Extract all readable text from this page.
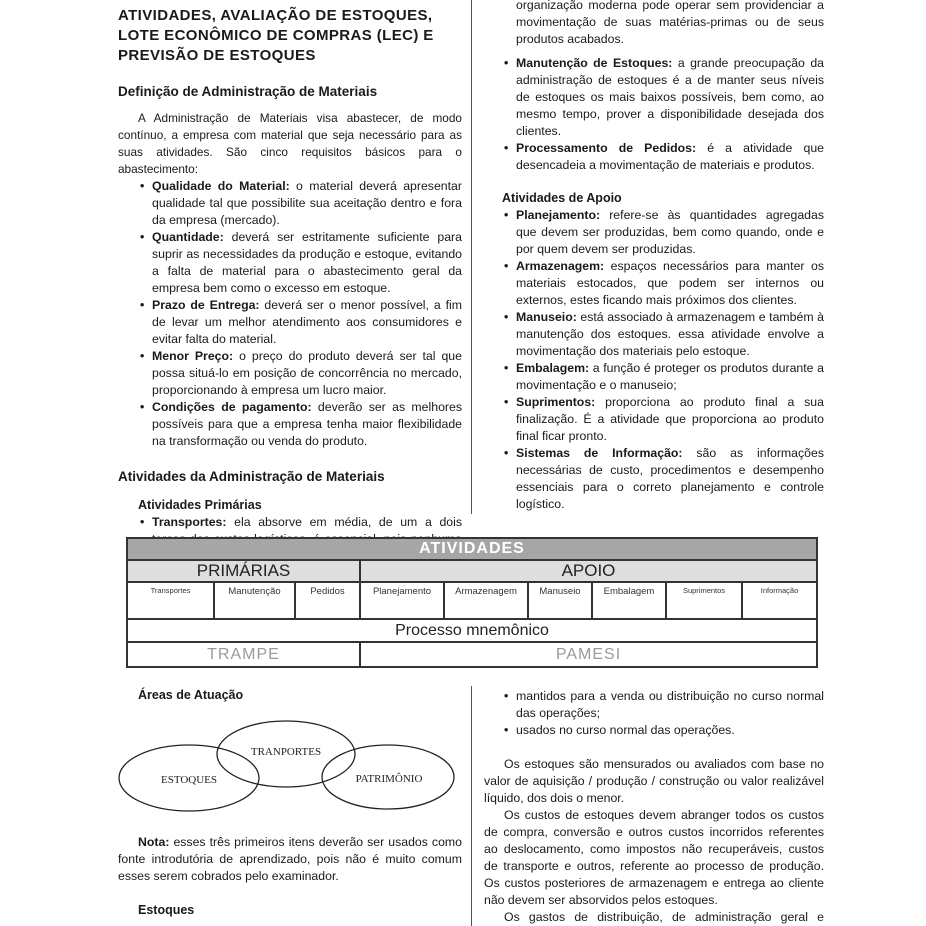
ATIVIDADES, AVALIAÇÃO DE ESTOQUES,
LOTE ECONÔMICO DE COMPRAS (LEC) E
PREVISÃO DE ESTOQUES
Definição de Administração de Materiais

A Administração de Materiais visa abastecer, de modo contínuo, a empresa com material que seja necessário para as suas atividades. São cinco requisitos básicos para o abastecimento:

• Qualidade do Material: o material deverá apresentar qualidade tal que possibilite sua aceitação dentro e fora da empresa (mercado).
• Quantidade: deverá ser estritamente suficiente para suprir as necessidades da produção e estoque, evitando a falta de material para o abastecimento geral da empresa bem como o excesso em estoque.
• Prazo de Entrega: deverá ser o menor possível, a fim de levar um melhor atendimento aos consumidores e evitar falta do material.
• Menor Preço: o preço do produto deverá ser tal que possa situá-lo em posição de concorrência no mercado, proporcionando à empresa um lucro maior.
• Condições de pagamento: deverão ser as melhores possíveis para que a empresa tenha maior flexibilidade na transformação ou venda do produto.
Atividades da Administração de Materiais
Atividades Primárias
• Transportes: ela absorve em média, de um a dois
organização moderna pode operar sem providenciar a movimentação de suas matérias-primas ou de seus produtos acabados.
• Manutenção de Estoques: a grande preocupação da administração de estoques é a de manter seus níveis de estoques os mais baixos possíveis, bem como, ao mesmo tempo, prover a disponibilidade desejada dos clientes.
• Processamento de Pedidos: é a atividade que desencadeia a movimentação de materiais e produtos.
Atividades de Apoio
• Planejamento: refere-se às quantidades agregadas que devem ser produzidas, bem como quando, onde e por quem devem ser produzidas.
• Armazenagem: espaços necessários para manter os materiais estocados, que podem ser internos ou externos, estes ficando mais próximos dos clientes.
• Manuseio: está associado à armazenagem e também à manutenção dos estoques. essa atividade envolve a movimentação dos materiais pelo estoque.
• Embalagem: a função é proteger os produtos durante a movimentação e o manuseio;
• Suprimentos: proporciona ao produto final a sua finalização. É a atividade que proporciona ao produto final ficar pronto.
• Sistemas de Informação: são as informações necessárias de custo, procedimentos e desempenho essenciais para o correto planejamento e controle logístico.
ATIVIDADES
PRIMÁRIAS	APOIO
Transportes	Manutenção	Pedidos	Planejamento	Armazenagem	Manuseio	Embalagem	Suprimentos	Informação
Processo mnemônico
TRAMPE	PAMESI
Áreas de Atuação
TRANPORTES
ESTOQUES	PATRIMÔNIO

Nota: esses três primeiros itens deverão ser usados como fonte introdutória de aprendizado, pois não é muito comum esses serem cobrados pelo examinador.

Estoques
• mantidos para a venda ou distribuição no curso normal das operações;
• usados no curso normal das operações.

Os estoques são mensurados ou avaliados com base no valor de aquisição / produção / construção ou valor realizável líquido, dos dois o menor.

Os custos de estoques devem abranger todos os custos de compra, conversão e outros custos incorridos referentes ao deslocamento, como impostos não recuperáveis, custos de transporte e outros, referente ao processo de produção. Os custos posteriores de armazenagem e entrega ao cliente não devem ser absorvidos pelos estoques.

Os gastos de distribuição, de administração geral e
